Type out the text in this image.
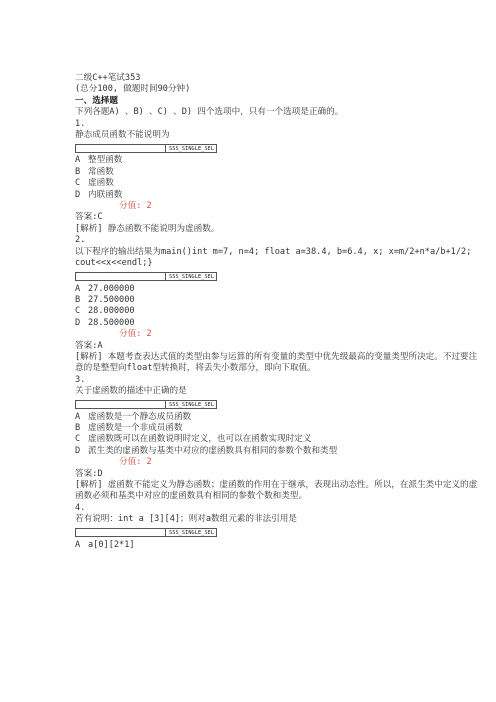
二级C++笔试353
(总分100, 做题时间90分钟)
一、选择题
下列各题A) 、B) 、C) 、D) 四个选项中，只有一个选项是正确的。
1.
静态成员函数不能说明为
SSS_SINGLE_SEL
A 整型函数
B 常函数
C 虚函数
D 内联函数
分值: 2
答案:C
[解析] 静态函数不能说明为虚函数。
2.
以下程序的输出结果为main()int m=7, n=4; float a=38.4, b=6.4, x; x=m/2+n*a/b+1/2; cout<<x<<endl;}
SSS_SINGLE_SEL
A 27.000000
B 27.500000
C 28.000000
D 28.500000
分值: 2
答案:A
[解析] 本题考查表达式值的类型由参与运算的所有变量的类型中优先级最高的变量类型所决定。不过要注意的是整型向float型转换时，将丢失小数部分，即向下取值。
3.
关于虚函数的描述中正确的是
SSS_SINGLE_SEL
A 虚函数是一个静态成员函数
B 虚函数是一个非成员函数
C 虚函数既可以在函数说明时定义，也可以在函数实现时定义
D 派生类的虚函数与基类中对应的虚函数具有相同的参数个数和类型
分值: 2
答案:D
[解析] 虚函数不能定义为静态函数；虚函数的作用在于继承，表现出动态性。所以，在派生类中定义的虚函数必须和基类中对应的虚函数具有相同的参数个数和类型。
4.
若有说明：int a [3][4]；则对a数组元素的非法引用是
SSS_SINGLE_SEL
A a[0][2*1]
